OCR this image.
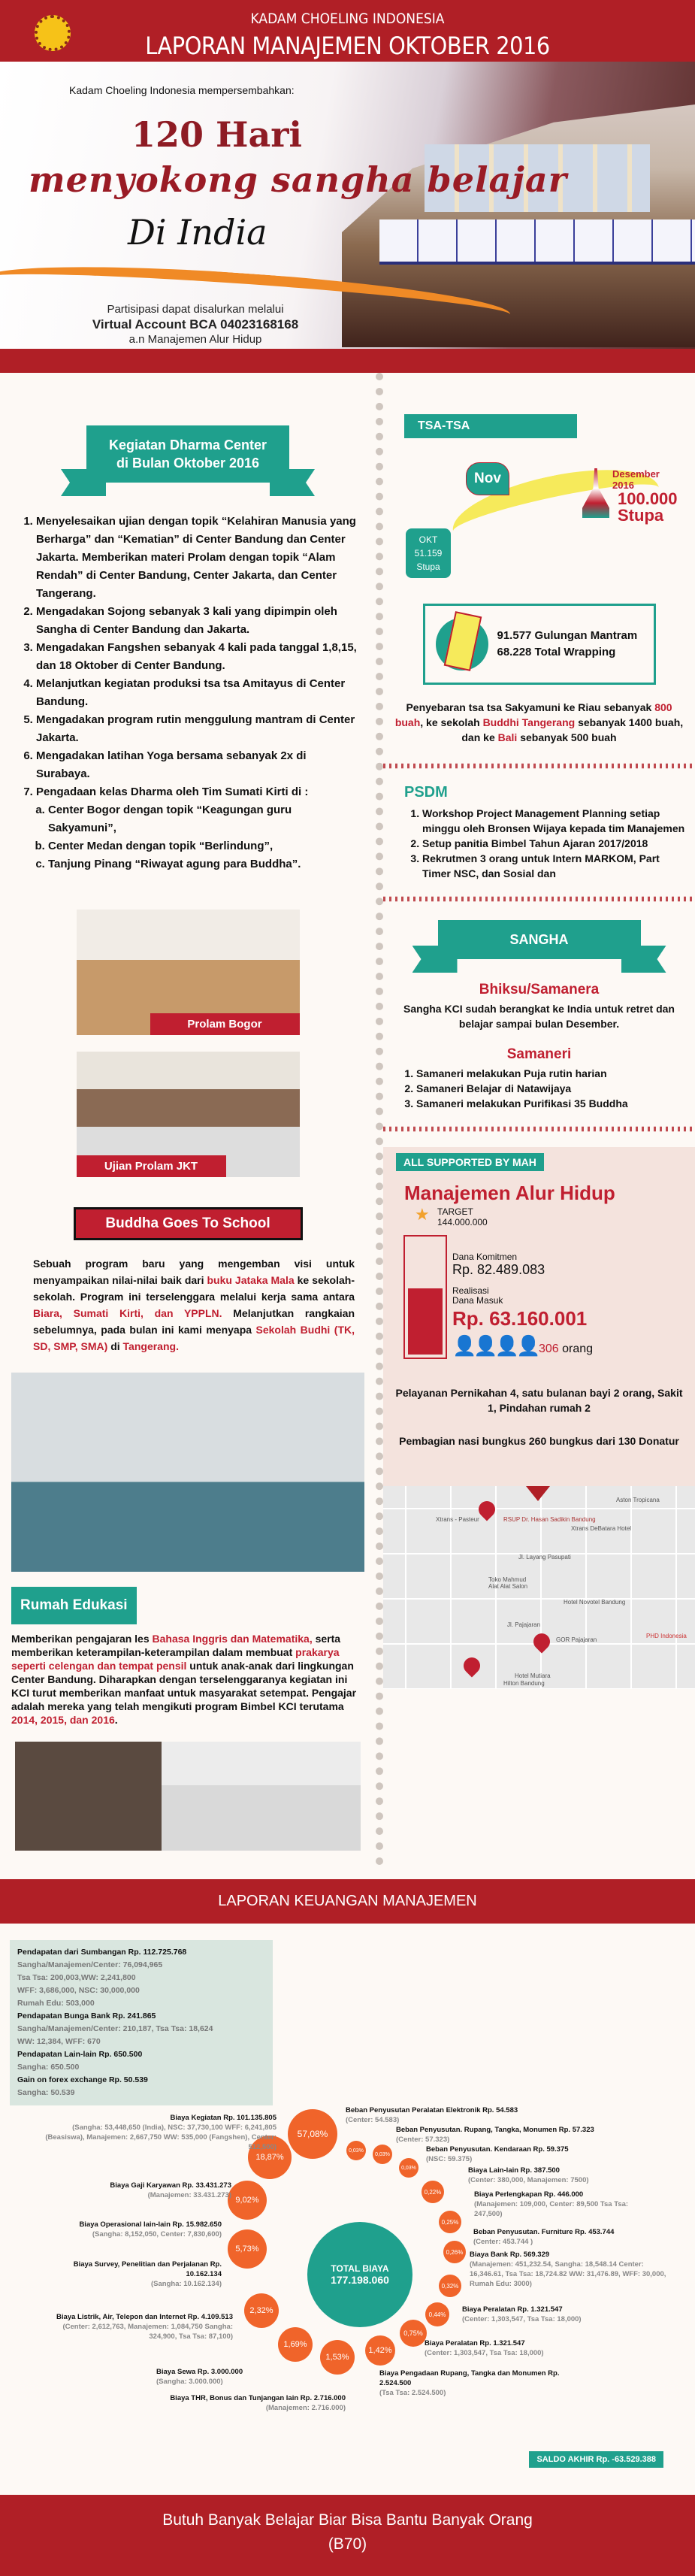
KADAM CHOELING INDONESIA
LAPORAN MANAJEMEN OKTOBER 2016
Kadam Choeling Indonesia mempersembahkan:
120 Hari
menyokong sangha belajar
Di India
Partisipasi dapat disalurkan melalui
Virtual Account BCA 04023168168
a.n Manajemen Alur Hidup
Kegiatan Dharma Center
di Bulan Oktober 2016
1. Menyelesaikan ujian dengan topik “Kelahiran Manusia yang Berharga” dan “Kematian” di Center Bandung dan Center Jakarta. Memberikan materi Prolam dengan topik “Alam Rendah” di Center Bandung, Center Jakarta, dan Center Tangerang.
2. Mengadakan Sojong sebanyak 3 kali yang dipimpin oleh Sangha di Center Bandung dan Jakarta.
3. Mengadakan Fangshen sebanyak 4 kali pada tanggal 1,8,15, dan 18 Oktober di Center Bandung.
4. Melanjutkan kegiatan produksi tsa tsa Amitayus di Center Bandung.
5. Mengadakan program rutin menggulung mantram di Center Jakarta.
6. Mengadakan latihan Yoga bersama sebanyak 2x di Surabaya.
7. Pengadaan kelas Dharma oleh Tim Sumati Kirti di :
a. Center Bogor dengan topik “Keagungan guru Sakyamuni”,
b. Center Medan dengan topik “Berlindung”,
c. Tanjung Pinang “Riwayat agung para Buddha”.
Prolam Bogor
Ujian Prolam JKT
Buddha Goes To School

Sebuah program baru yang mengemban visi untuk menyampaikan nilai-nilai baik dari buku Jataka Mala ke sekolah-sekolah. Program ini terselenggara melalui kerja sama antara Biara, Sumati Kirti, dan YPPLN. Melanjutkan rangkaian sebelumnya, pada bulan ini kami menyapa Sekolah Budhi (TK, SD, SMP, SMA) di Tangerang.

Rumah Edukasi

Memberikan pengajaran les Bahasa Inggris dan Matematika, serta memberikan keterampilan-keterampilan dalam membuat prakarya seperti celengan dan tempat pensil untuk anak-anak dari lingkungan Center Bandung. Diharapkan dengan terselenggaranya kegiatan ini KCI turut memberikan manfaat untuk masyarakat setempat. Pengajar adalah mereka yang telah mengikuti program Bimbel KCI terutama 2014, 2015, dan 2016.

TSA-TSA
Nov
OKT
51.159
Stupa
Desember 2016
100.000
Stupa
91.577 Gulungan Mantram
68.228 Total Wrapping

Penyebaran tsa tsa Sakyamuni ke Riau sebanyak 800 buah, ke sekolah Buddhi Tangerang sebanyak 1400 buah, dan ke Bali sebanyak 500 buah

PSDM
1. Workshop Project Management Planning setiap minggu oleh Bronsen Wijaya kepada tim Manajemen
2. Setup panitia Bimbel Tahun Ajaran 2017/2018
3. Rekrutmen 3 orang untuk Intern MARKOM, Part Timer NSC, dan Sosial dan
SANGHA
Bhiksu/Samanera

Sangha KCI sudah berangkat ke India untuk retret dan belajar sampai bulan Desember.

Samaneri
1. Samaneri melakukan Puja rutin harian
2. Samaneri Belajar di Natawijaya
3. Samaneri melakukan Purifikasi 35 Buddha
ALL SUPPORTED BY MAH
Manajemen Alur Hidup
★ TARGET
144.000.000
Dana Komitmen
Rp. 82.489.083
Realisasi
Dana Masuk
Rp. 63.160.001
👤👤👤👤 306 orang

Pelayanan Pernikahan 4, satu bulanan bayi 2 orang, Sakit 1, Pindahan rumah 2

Pembagian nasi bungkus 260 bungkus dari 130 Donatur

Xtrans - Pasteur	RSUP Dr. Hasan Sadikin Bandung
Aston Tropicana
Xtrans DeBatara Hotel
Jl. Layang Pasupati
Toko Mahmud Alat Alat Salon
Hotel Novotel Bandung
Jl. Pajajaran
GOR Pajajaran
PHD Indonesia
Hotel Mutiara
Hilton Bandung
LAPORAN KEUANGAN MANAJEMEN
Pendapatan dari Sumbangan Rp. 112.725.768
Sangha/Manajemen/Center: 76,094,965
Tsa Tsa: 200,003,WW: 2,241,800
WFF: 3,686,000, NSC: 30,000,000
Rumah Edu: 503,000
Pendapatan Bunga Bank Rp. 241.865
Sangha/Manajemen/Center: 210,187, Tsa Tsa: 18,624
WW: 12,384, WFF: 670
Pendapatan Lain-lain Rp. 650.500
Sangha: 650.500
Gain on forex exchange Rp. 50.539
Sangha: 50.539
TOTAL BIAYA
177.198.060
57,08%
18,87%
9,02%
5,73%
2,32%
1,69%
1,53%
1,42%
0,75%
0,44%
0,32%
0,26%
0,25%
0,22%
0,03%
0,03%
0,03%
Biaya Kegiatan Rp. 101.135.805
(Sangha: 53,448,650 (India), NSC: 37,730,100 WFF: 6,241,805 (Beasiswa), Manajemen: 2,667,750 WW: 535,000 (Fangshen), Center: 512,500)
Biaya Gaji Karyawan Rp. 33.431.273
(Manajemen: 33.431.273)
Biaya Operasional lain-lain Rp. 15.982.650
(Sangha: 8,152,050, Center: 7,830,600)
Biaya Survey, Penelitian dan Perjalanan Rp. 10.162.134
(Sangha: 10.162.134)
Biaya Listrik, Air, Telepon dan Internet Rp. 4.109.513
(Center: 2,612,763, Manajemen: 1,084,750 Sangha: 324,900, Tsa Tsa: 87,100)
Biaya Sewa Rp. 3.000.000
(Sangha: 3.000.000)
Biaya THR, Bonus dan Tunjangan lain Rp. 2.716.000
(Manajemen: 2.716.000)
Beban Penyusutan Peralatan Elektronik Rp. 54.583
(Center: 54.583)
Beban Penyusutan. Rupang, Tangka, Monumen Rp. 57.323
(Center: 57.323)
Beban Penyusutan. Kendaraan Rp. 59.375
(NSC: 59.375)
Biaya Lain-lain Rp. 387.500
(Center: 380,000, Manajemen: 7500)
Biaya Perlengkapan Rp. 446.000
(Manajemen: 109,000, Center: 89,500 Tsa Tsa: 247,500)
Beban Penyusutan. Furniture Rp. 453.744
(Center: 453.744 )
Biaya Bank Rp. 569.329
(Manajemen: 451,232.54, Sangha: 18,548.14 Center: 16,346.61, Tsa Tsa: 18,724.82 WW: 31,476.89, WFF: 30,000, Rumah Edu: 3000)
Biaya Peralatan Rp. 1.321.547
(Center: 1,303,547, Tsa Tsa: 18,000)
Biaya Peralatan Rp. 1.321.547
(Center: 1,303,547, Tsa Tsa: 18,000)
Biaya Pengadaan Rupang, Tangka dan Monumen Rp. 2.524.500
(Tsa Tsa: 2.524.500)
SALDO AKHIR Rp. -63.529.388
Butuh Banyak Belajar Biar Bisa Bantu Banyak Orang
(B70)
